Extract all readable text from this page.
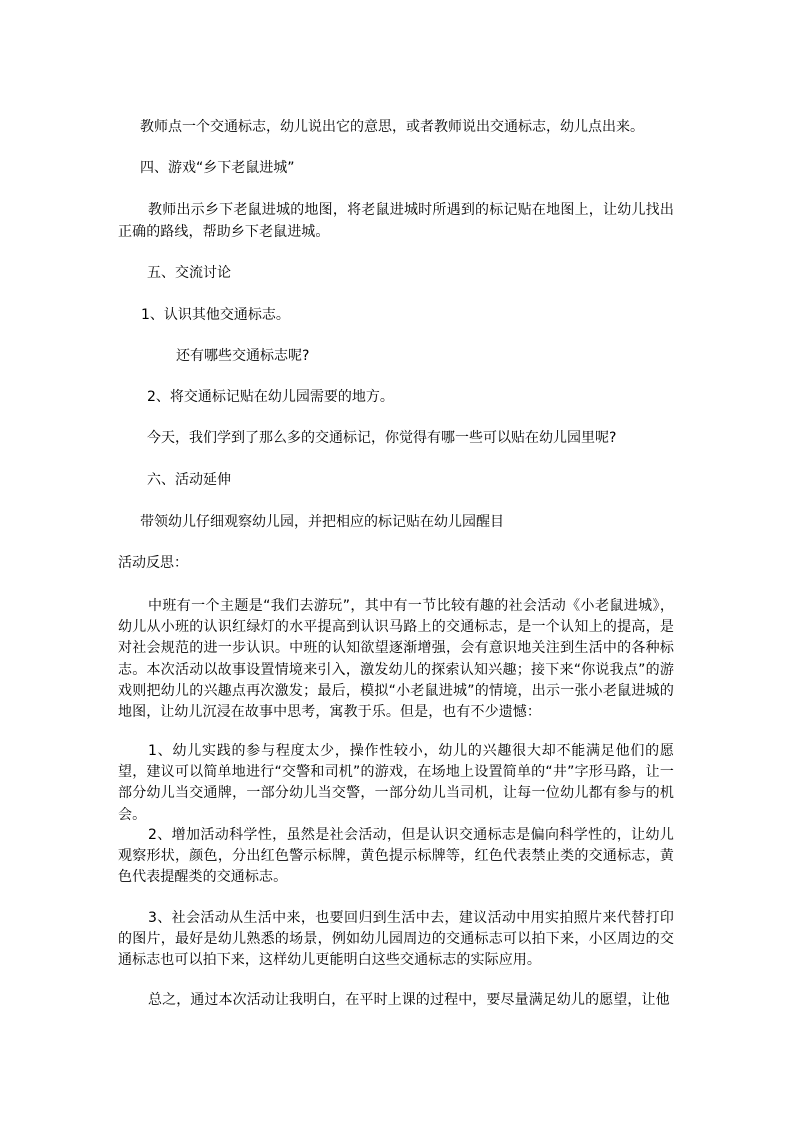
教师点一个交通标志，幼儿说出它的意思，或者教师说出交通标志，幼儿点出来。

四、游戏“乡下老鼠进城”

教师出示乡下老鼠进城的地图，将老鼠进城时所遇到的标记贴在地图上，让幼儿找出正确的路线，帮助乡下老鼠进城。

五、交流讨论

1、认识其他交通标志。

还有哪些交通标志呢?

2、将交通标记贴在幼儿园需要的地方。

今天，我们学到了那么多的交通标记，你觉得有哪一些可以贴在幼儿园里呢?

六、活动延伸

带领幼儿仔细观察幼儿园，并把相应的标记贴在幼儿园醒目

活动反思：

中班有一个主题是“我们去游玩”，其中有一节比较有趣的社会活动《小老鼠进城》，幼儿从小班的认识红绿灯的水平提高到认识马路上的交通标志，是一个认知上的提高，是对社会规范的进一步认识。中班的认知欲望逐渐增强，会有意识地关注到生活中的各种标志。本次活动以故事设置情境来引入，激发幼儿的探索认知兴趣；接下来“你说我点”的游戏则把幼儿的兴趣点再次激发；最后，模拟“小老鼠进城”的情境，出示一张小老鼠进城的地图，让幼儿沉浸在故事中思考，寓教于乐。但是，也有不少遗憾：

1、幼儿实践的参与程度太少，操作性较小，幼儿的兴趣很大却不能满足他们的愿望，建议可以简单地进行“交警和司机”的游戏，在场地上设置简单的“井”字形马路，让一部分幼儿当交通牌，一部分幼儿当交警，一部分幼儿当司机，让每一位幼儿都有参与的机会。

2、增加活动科学性，虽然是社会活动，但是认识交通标志是偏向科学性的，让幼儿观察形状，颜色，分出红色警示标牌，黄色提示标牌等，红色代表禁止类的交通标志，黄色代表提醒类的交通标志。

3、社会活动从生活中来，也要回归到生活中去，建议活动中用实拍照片来代替打印的图片，最好是幼儿熟悉的场景，例如幼儿园周边的交通标志可以拍下来，小区周边的交通标志也可以拍下来，这样幼儿更能明白这些交通标志的实际应用。

总之，通过本次活动让我明白，在平时上课的过程中，要尽量满足幼儿的愿望，让他
